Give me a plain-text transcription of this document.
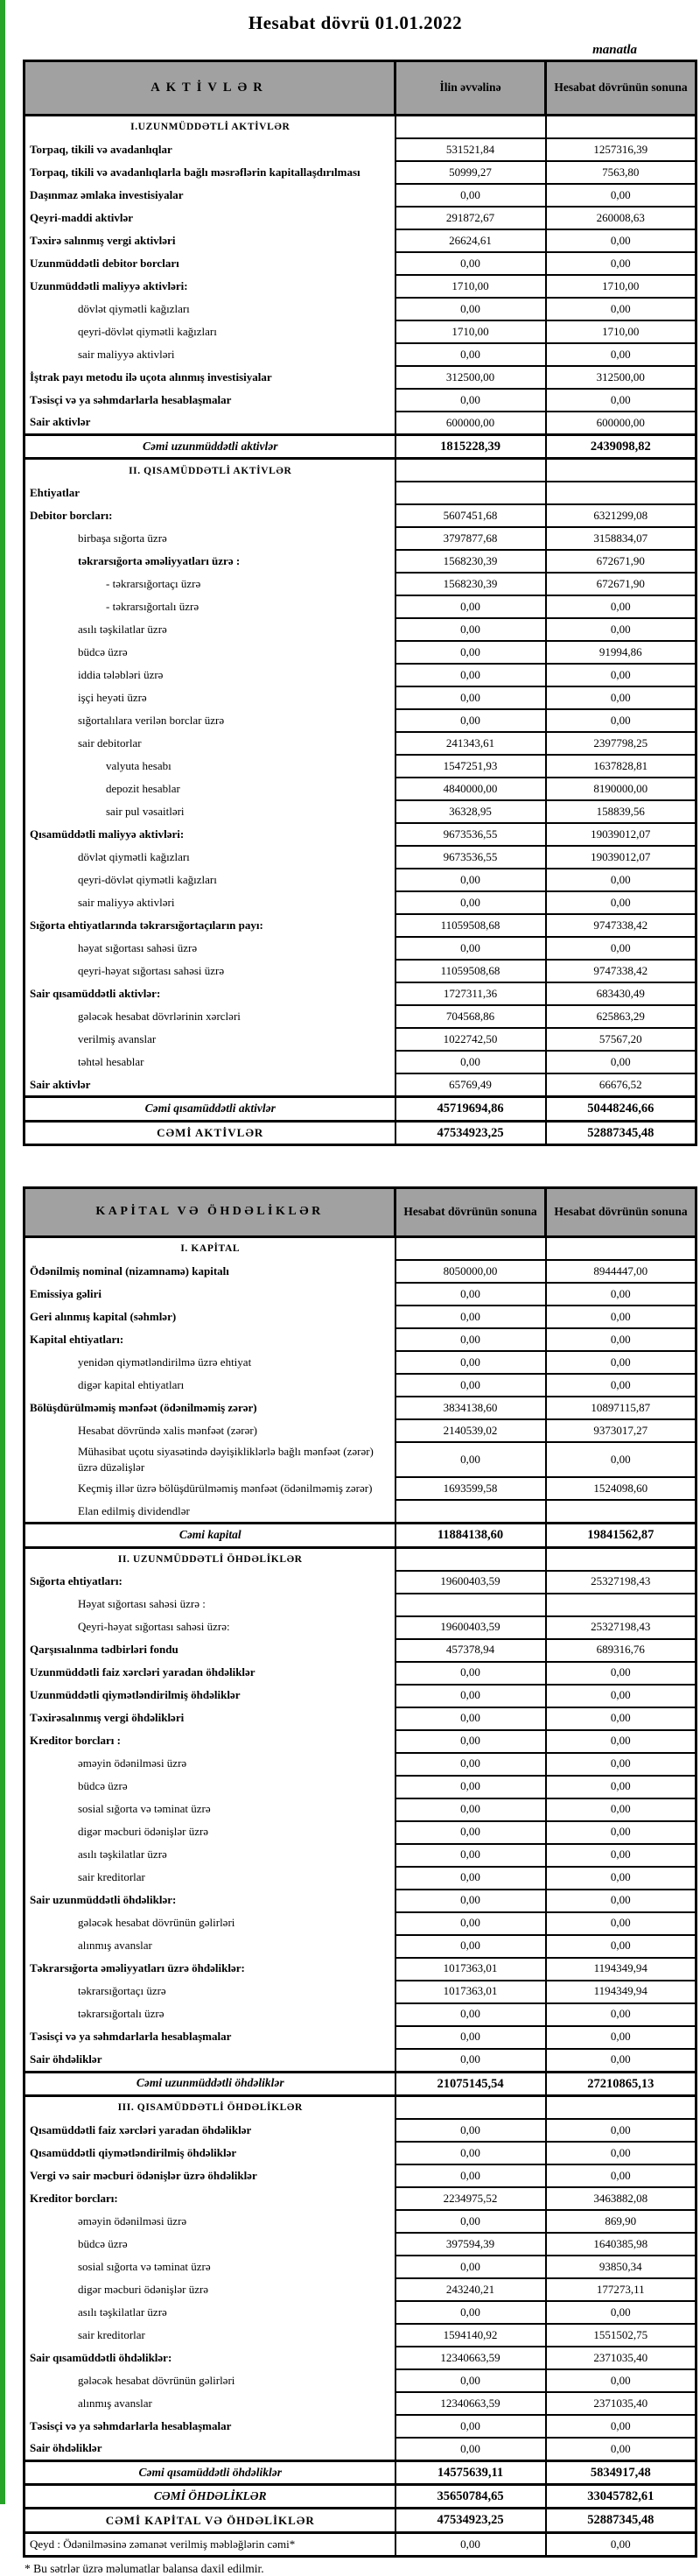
Hesabat dövrü 01.01.2022
manatla
AKTİVLƏR	İlin əvvəlinə	Hesabat dövrünün sonuna
I.UZUNMÜDDƏTLİ AKTİVLƏR		
Torpaq, tikili və avadanlıqlar	531521,84	1257316,39
Torpaq, tikili və avadanlıqlarla bağlı məsrəflərin kapitallaşdırılması	50999,27	7563,80
Daşınmaz əmlaka investisiyalar	0,00	0,00
Qeyri-maddi aktivlər	291872,67	260008,63
Təxirə salınmış vergi aktivləri	26624,61	0,00
Uzunmüddətli debitor borcları	0,00	0,00
Uzunmüddətli maliyyə aktivləri:	1710,00	1710,00
dövlət qiymətli kağızları	0,00	0,00
qeyri-dövlət qiymətli kağızları	1710,00	1710,00
sair maliyyə aktivləri	0,00	0,00
İştrak payı metodu ilə uçota alınmış investisiyalar	312500,00	312500,00
Təsisçi və ya səhmdarlarla hesablaşmalar	0,00	0,00
Sair aktivlər	600000,00	600000,00
Cəmi uzunmüddətli aktivlər	1815228,39	2439098,82
II. QISAMÜDDƏTLİ AKTİVLƏR		
Ehtiyatlar		
Debitor borcları:	5607451,68	6321299,08
birbaşa sığorta üzrə	3797877,68	3158834,07
təkrarsığorta əməliyyatları üzrə :	1568230,39	672671,90
- təkrarsığortaçı üzrə	1568230,39	672671,90
- təkrarsığortalı üzrə	0,00	0,00
asılı təşkilatlar üzrə	0,00	0,00
büdcə üzrə	0,00	91994,86
iddia tələbləri üzrə	0,00	0,00
işçi heyəti üzrə	0,00	0,00
sığortalılara verilən borclar üzrə	0,00	0,00
sair debitorlar	241343,61	2397798,25
valyuta hesabı	1547251,93	1637828,81
depozit hesablar	4840000,00	8190000,00
sair pul vəsaitləri	36328,95	158839,56
Qısamüddətli maliyyə aktivləri:	9673536,55	19039012,07
dövlət qiymətli kağızları	9673536,55	19039012,07
qeyri-dövlət qiymətli kağızları	0,00	0,00
sair maliyyə aktivləri	0,00	0,00
Sığorta ehtiyatlarında təkrarsığortaçıların payı:	11059508,68	9747338,42
həyat sığortası sahəsi üzrə	0,00	0,00
qeyri-həyat sığortası sahəsi üzrə	11059508,68	9747338,42
Sair qısamüddətli aktivlər:	1727311,36	683430,49
gələcək hesabat dövrlərinin xərcləri	704568,86	625863,29
verilmiş avanslar	1022742,50	57567,20
təhtəl hesablar	0,00	0,00
Sair aktivlər	65769,49	66676,52
Cəmi qısamüddətli aktivlər	45719694,86	50448246,66
CƏMİ AKTİVLƏR	47534923,25	52887345,48
KAPİTAL VƏ ÖHDƏLİKLƏR	Hesabat dövrünün sonuna	Hesabat dövrünün sonuna
I. KAPİTAL		
Ödənilmiş nominal (nizamnamə) kapitalı	8050000,00	8944447,00
Emissiya gəliri	0,00	0,00
Geri alınmış kapital (səhmlər)	0,00	0,00
Kapital ehtiyatları:	0,00	0,00
yenidən qiymətləndirilmə üzrə ehtiyat	0,00	0,00
digər kapital ehtiyatları	0,00	0,00
Bölüşdürülməmiş mənfəət (ödənilməmiş zərər)	3834138,60	10897115,87
Hesabat dövründə xalis mənfəət (zərər)	2140539,02	9373017,27
Mühasibat uçotu siyasətində dəyişikliklərlə bağlı mənfəət (zərər) üzrə düzəlişlər	0,00	0,00
Keçmiş illər üzrə bölüşdürülməmiş mənfəət (ödənilməmiş zərər)	1693599,58	1524098,60
Elan edilmiş dividendlər		
Cəmi kapital	11884138,60	19841562,87
II. UZUNMÜDDƏTLİ ÖHDƏLİKLƏR		
Sığorta ehtiyatları:	19600403,59	25327198,43
Həyat sığortası sahəsi üzrə :		
Qeyri-həyat sığortası sahəsi üzrə:	19600403,59	25327198,43
Qarşısıalınma tədbirləri fondu	457378,94	689316,76
Uzunmüddətli faiz xərcləri yaradan öhdəliklər	0,00	0,00
Uzunmüddətli qiymətləndirilmiş öhdəliklər	0,00	0,00
Təxirəsalınmış vergi öhdəlikləri	0,00	0,00
Kreditor borcları :	0,00	0,00
əməyin ödənilməsi üzrə	0,00	0,00
büdcə üzrə	0,00	0,00
sosial sığorta və təminat üzrə	0,00	0,00
digər məcburi ödənişlər üzrə	0,00	0,00
asılı təşkilatlar üzrə	0,00	0,00
sair kreditorlar	0,00	0,00
Sair uzunmüddətli öhdəliklər:	0,00	0,00
gələcək hesabat dövrünün gəlirləri	0,00	0,00
alınmış avanslar	0,00	0,00
Təkrarsığorta əməliyyatları üzrə öhdəliklər:	1017363,01	1194349,94
təkrarsığortaçı üzrə	1017363,01	1194349,94
təkrarsığortalı üzrə	0,00	0,00
Təsisçi və ya səhmdarlarla hesablaşmalar	0,00	0,00
Sair öhdəliklər	0,00	0,00
Cəmi uzunmüddətli öhdəliklər	21075145,54	27210865,13
III. QISAMÜDDƏTLİ ÖHDƏLİKLƏR		
Qısamüddətli faiz xərcləri yaradan öhdəliklər	0,00	0,00
Qısamüddətli qiymətləndirilmiş öhdəliklər	0,00	0,00
Vergi və sair məcburi ödənişlər üzrə öhdəliklər	0,00	0,00
Kreditor borcları:	2234975,52	3463882,08
əməyin ödənilməsi üzrə	0,00	869,90
büdcə üzrə	397594,39	1640385,98
sosial sığorta və təminat üzrə	0,00	93850,34
digər məcburi ödənişlər üzrə	243240,21	177273,11
asılı təşkilatlar üzrə	0,00	0,00
sair kreditorlar	1594140,92	1551502,75
Sair qısamüddətli öhdəliklər:	12340663,59	2371035,40
gələcək hesabat dövrünün gəlirləri	0,00	0,00
alınmış avanslar	12340663,59	2371035,40
Təsisçi və ya səhmdarlarla hesablaşmalar	0,00	0,00
Sair öhdəliklər	0,00	0,00
Cəmi qısamüddətli öhdəliklər	14575639,11	5834917,48
CƏMİ ÖHDƏLİKLƏR	35650784,65	33045782,61
CƏMİ KAPİTAL VƏ ÖHDƏLİKLƏR	47534923,25	52887345,48
Qeyd : Ödənilməsinə zəmanət verilmiş məbləğlərin cəmi*	0,00	0,00
* Bu sətrlər üzrə məlumatlar balansa daxil edilmir.
